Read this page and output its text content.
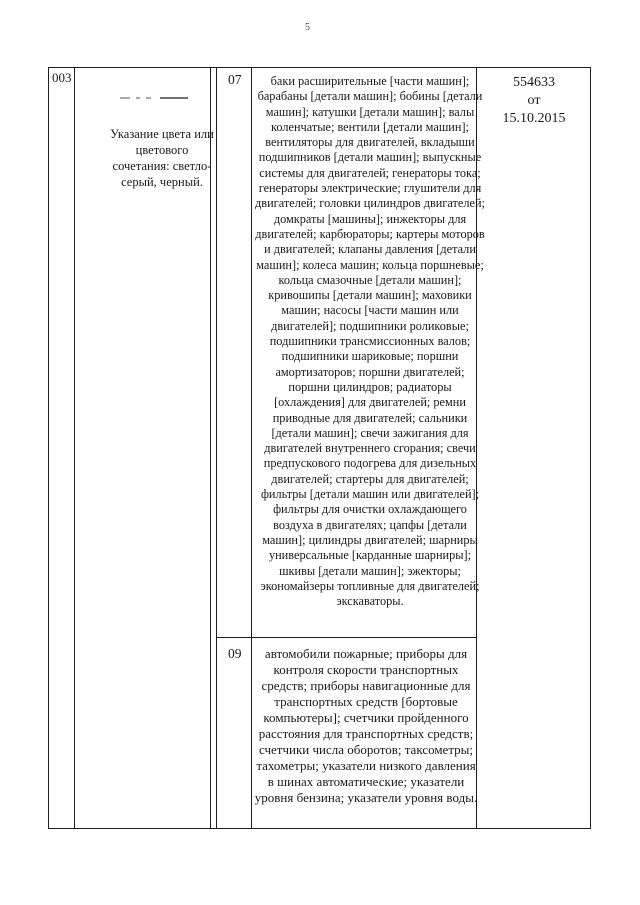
5
003
Указание цвета или цветового сочетания: светло-серый, черный.
07	баки расширительные [части машин]; барабаны [детали машин]; бобины [детали машин]; катушки [детали машин]; валы коленчатые; вентили [детали машин]; вентиляторы для двигателей, вкладыши подшипников [детали машин]; выпускные системы для двигателей; генераторы тока; генераторы электрические; глушители для двигателей; головки цилиндров двигателей; домкраты [машины]; инжекторы для двигателей; карбюраторы; картеры моторов и двигателей; клапаны давления [детали машин]; колеса машин; кольца поршневые; кольца смазочные [детали машин]; кривошипы [детали машин]; маховики машин; насосы [части машин или двигателей]; подшипники роликовые; подшипники трансмиссионных валов; подшипники шариковые; поршни амортизаторов; поршни двигателей; поршни цилиндров; радиаторы [охлаждения] для двигателей; ремни приводные для двигателей; сальники [детали машин]; свечи зажигания для двигателей внутреннего сгорания; свечи предпускового подогрева для дизельных двигателей; стартеры для двигателей; фильтры [детали машин или двигателей]; фильтры для очистки охлаждающего воздуха в двигателях; цапфы [детали машин]; цилиндры двигателей; шарниры универсальные [карданные шарниры]; шкивы [детали машин]; эжекторы; экономайзеры топливные для двигателей; экскаваторы.
09	автомобили пожарные; приборы для контроля скорости транспортных средств; приборы навигационные для транспортных средств [бортовые компьютеры]; счетчики пройденного расстояния для транспортных средств; счетчики числа оборотов; таксометры; тахометры; указатели низкого давления в шинах автоматические; указатели уровня бензина; указатели уровня воды.
554633
от
15.10.2015
